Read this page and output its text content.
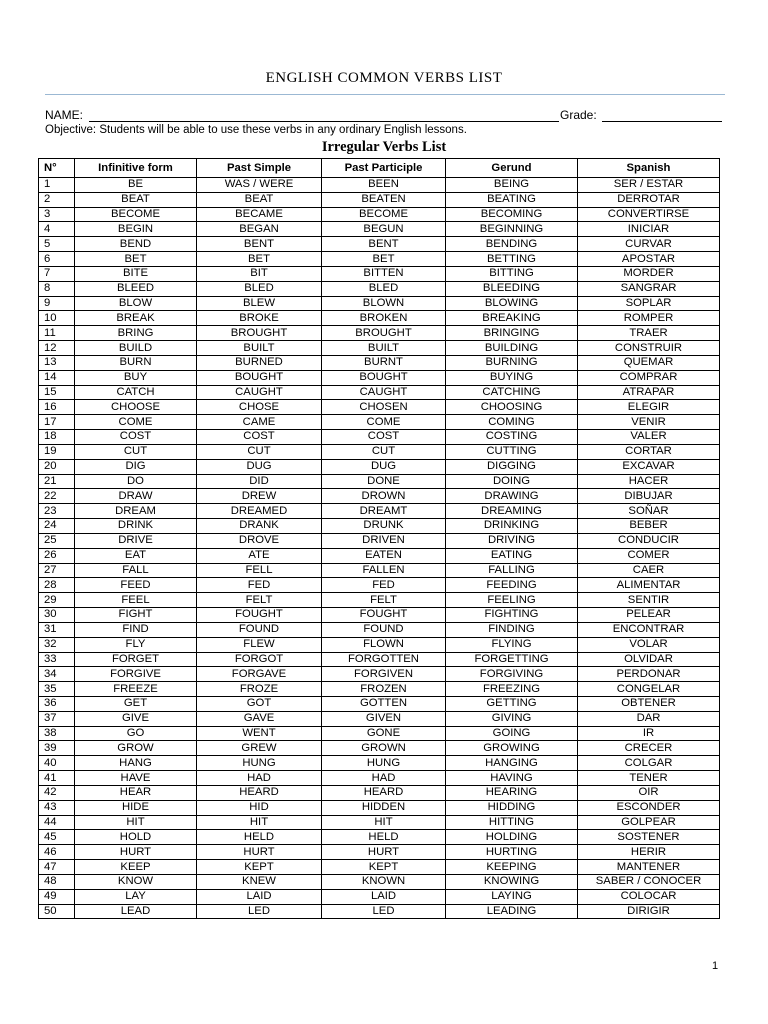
ENGLISH COMMON VERBS LIST
NAME:	Grade:
Objective: Students will be able to use these verbs in any ordinary English lessons.
Irregular Verbs List
N°	Infinitive form	Past Simple	Past Participle	Gerund	Spanish
1	BE	WAS / WERE	BEEN	BEING	SER / ESTAR
2	BEAT	BEAT	BEATEN	BEATING	DERROTAR
3	BECOME	BECAME	BECOME	BECOMING	CONVERTIRSE
4	BEGIN	BEGAN	BEGUN	BEGINNING	INICIAR
5	BEND	BENT	BENT	BENDING	CURVAR
6	BET	BET	BET	BETTING	APOSTAR
7	BITE	BIT	BITTEN	BITTING	MORDER
8	BLEED	BLED	BLED	BLEEDING	SANGRAR
9	BLOW	BLEW	BLOWN	BLOWING	SOPLAR
10	BREAK	BROKE	BROKEN	BREAKING	ROMPER
11	BRING	BROUGHT	BROUGHT	BRINGING	TRAER
12	BUILD	BUILT	BUILT	BUILDING	CONSTRUIR
13	BURN	BURNED	BURNT	BURNING	QUEMAR
14	BUY	BOUGHT	BOUGHT	BUYING	COMPRAR
15	CATCH	CAUGHT	CAUGHT	CATCHING	ATRAPAR
16	CHOOSE	CHOSE	CHOSEN	CHOOSING	ELEGIR
17	COME	CAME	COME	COMING	VENIR
18	COST	COST	COST	COSTING	VALER
19	CUT	CUT	CUT	CUTTING	CORTAR
20	DIG	DUG	DUG	DIGGING	EXCAVAR
21	DO	DID	DONE	DOING	HACER
22	DRAW	DREW	DROWN	DRAWING	DIBUJAR
23	DREAM	DREAMED	DREAMT	DREAMING	SOÑAR
24	DRINK	DRANK	DRUNK	DRINKING	BEBER
25	DRIVE	DROVE	DRIVEN	DRIVING	CONDUCIR
26	EAT	ATE	EATEN	EATING	COMER
27	FALL	FELL	FALLEN	FALLING	CAER
28	FEED	FED	FED	FEEDING	ALIMENTAR
29	FEEL	FELT	FELT	FEELING	SENTIR
30	FIGHT	FOUGHT	FOUGHT	FIGHTING	PELEAR
31	FIND	FOUND	FOUND	FINDING	ENCONTRAR
32	FLY	FLEW	FLOWN	FLYING	VOLAR
33	FORGET	FORGOT	FORGOTTEN	FORGETTING	OLVIDAR
34	FORGIVE	FORGAVE	FORGIVEN	FORGIVING	PERDONAR
35	FREEZE	FROZE	FROZEN	FREEZING	CONGELAR
36	GET	GOT	GOTTEN	GETTING	OBTENER
37	GIVE	GAVE	GIVEN	GIVING	DAR
38	GO	WENT	GONE	GOING	IR
39	GROW	GREW	GROWN	GROWING	CRECER
40	HANG	HUNG	HUNG	HANGING	COLGAR
41	HAVE	HAD	HAD	HAVING	TENER
42	HEAR	HEARD	HEARD	HEARING	OIR
43	HIDE	HID	HIDDEN	HIDDING	ESCONDER
44	HIT	HIT	HIT	HITTING	GOLPEAR
45	HOLD	HELD	HELD	HOLDING	SOSTENER
46	HURT	HURT	HURT	HURTING	HERIR
47	KEEP	KEPT	KEPT	KEEPING	MANTENER
48	KNOW	KNEW	KNOWN	KNOWING	SABER / CONOCER
49	LAY	LAID	LAID	LAYING	COLOCAR
50	LEAD	LED	LED	LEADING	DIRIGIR
1
